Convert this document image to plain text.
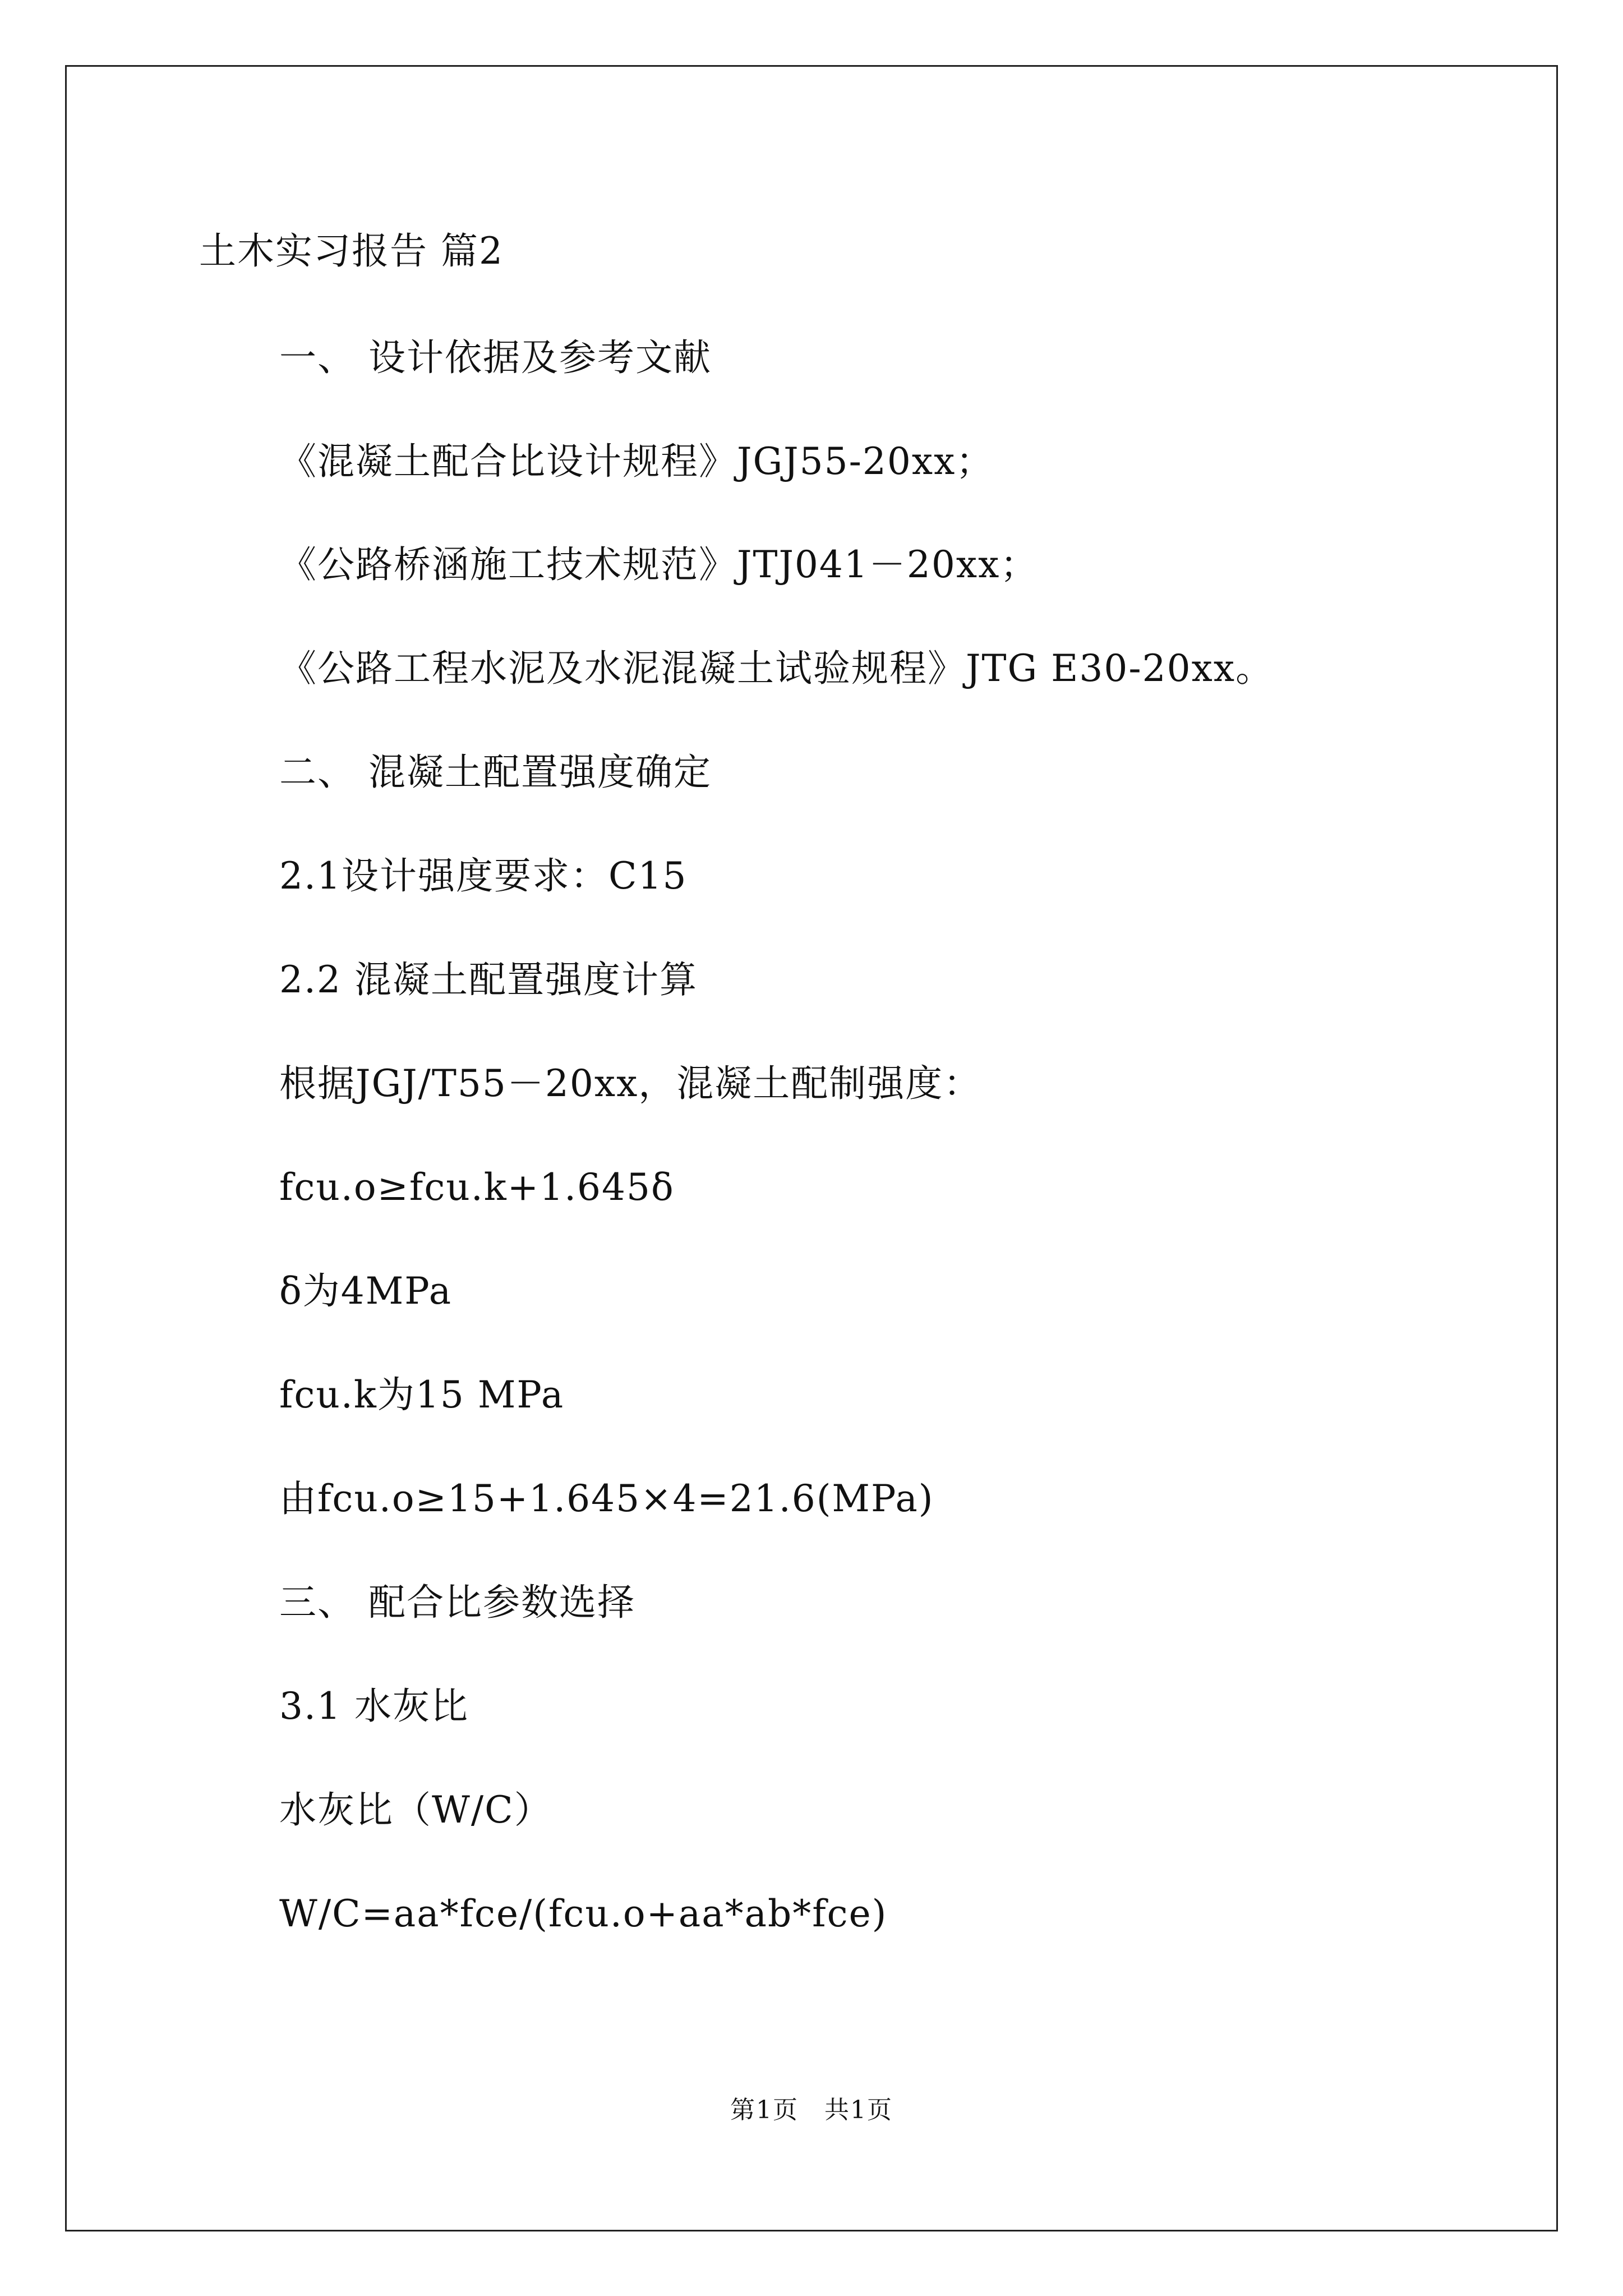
土木实习报告 篇2
一、 设计依据及参考文献
《混凝土配合比设计规程》JGJ55-20xx；
《公路桥涵施工技术规范》JTJ041－20xx；
《公路工程水泥及水泥混凝土试验规程》JTG E30-20xx。
二、 混凝土配置强度确定
2.1设计强度要求：C15
2.2 混凝土配置强度计算
根据JGJ/T55－20xx，混凝土配制强度：
fcu.o≥fcu.k+1.645δ
δ为4MPa
fcu.k为15 MPa
由fcu.o≥15+1.645×4=21.6(MPa)
三、 配合比参数选择
3.1 水灰比
水灰比（W/C）
W/C=aa*fce/(fcu.o+aa*ab*fce)
第1页　共1页
